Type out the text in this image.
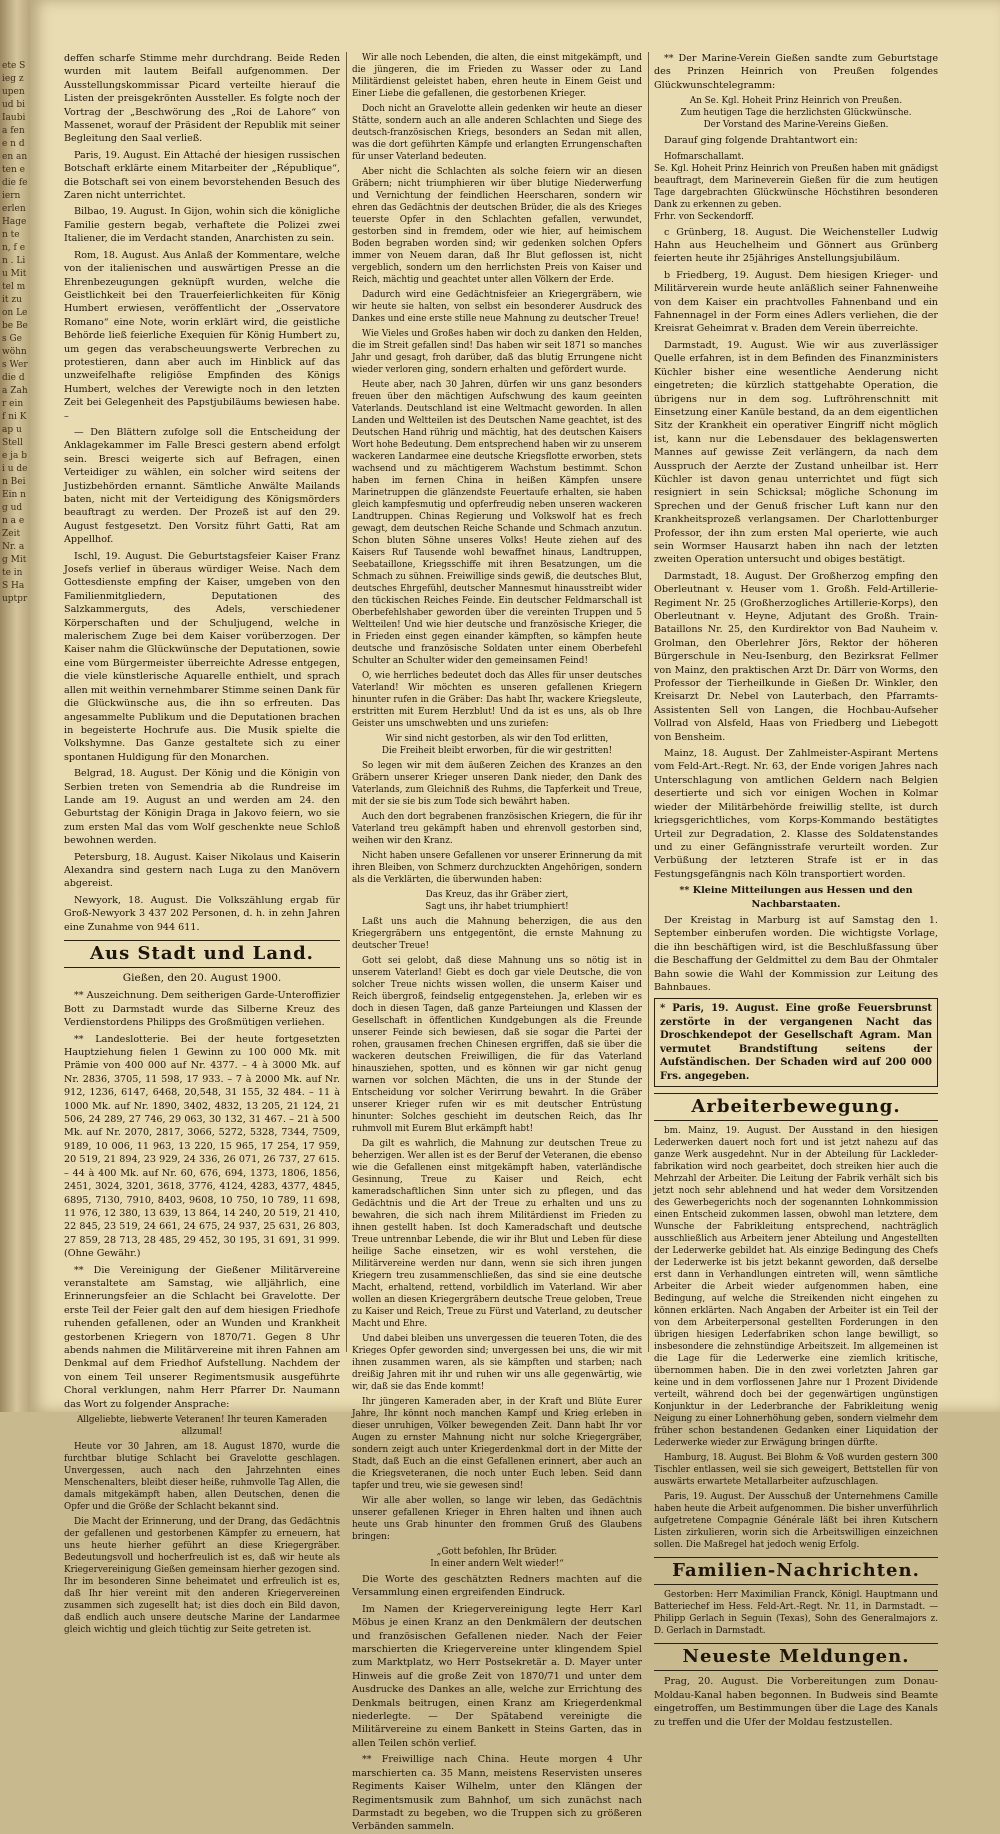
ete Sieg zupen ud bi Iaubia fen e n den an ten e die feiern erlen Hagen ten, f en . Liu Mittel mit zu on Lebe Bes Gewöhns Wer die da Zahr ein f ni Kap u Stelle ja bi u den Bei Ein ng ud n a e Zeit Nr. a g Mitte in S Hauptpr

deffen scharfe Stimme mehr durchdrang. Beide Reden wurden mit lautem Beifall aufgenommen. Der Ausstellungskommissar Picard verteilte hierauf die Listen der preisgekrönten Aussteller. Es folgte noch der Vortrag der „Beschwörung des „Roi de Lahore“ von Massenet, worauf der Präsident der Republik mit seiner Begleitung den Saal verließ.

Paris, 19. August. Ein Attaché der hiesigen russischen Botschaft erklärte einem Mitarbeiter der „République“, die Botschaft sei von einem bevorstehenden Besuch des Zaren nicht unterrichtet.

Bilbao, 19. August. In Gijon, wohin sich die königliche Familie gestern begab, verhaftete die Polizei zwei Italiener, die im Verdacht standen, Anarchisten zu sein.

Rom, 18. August. Aus Anlaß der Kommentare, welche von der italienischen und auswärtigen Presse an die Ehrenbezeugungen geknüpft wurden, welche die Geistlichkeit bei den Trauerfeierlichkeiten für König Humbert erwiesen, veröffentlicht der „Osservatore Romano“ eine Note, worin erklärt wird, die geistliche Behörde ließ feierliche Exequien für König Humbert zu, um gegen das verabscheuungswerte Verbrechen zu protestieren, dann aber auch im Hinblick auf das unzweifelhafte religiöse Empfinden des Königs Humbert, welches der Verewigte noch in den letzten Zeit bei Gelegenheit des Papstjubiläums bewiesen habe. –

— Den Blättern zufolge soll die Entscheidung der Anklagekammer im Falle Bresci gestern abend erfolgt sein. Bresci weigerte sich auf Befragen, einen Verteidiger zu wählen, ein solcher wird seitens der Justizbehörden ernannt. Sämtliche Anwälte Mailands baten, nicht mit der Verteidigung des Königsmörders beauftragt zu werden. Der Prozeß ist auf den 29. August festgesetzt. Den Vorsitz führt Gatti, Rat am Appellhof.

Ischl, 19. August. Die Geburtstagsfeier Kaiser Franz Josefs verlief in überaus würdiger Weise. Nach dem Gottesdienste empfing der Kaiser, umgeben von den Familienmitgliedern, Deputationen des Salzkammerguts, des Adels, verschiedener Körperschaften und der Schuljugend, welche in malerischem Zuge bei dem Kaiser vorüberzogen. Der Kaiser nahm die Glückwünsche der Deputationen, sowie eine vom Bürgermeister überreichte Adresse entgegen, die viele künstlerische Aquarelle enthielt, und sprach allen mit weithin vernehmbarer Stimme seinen Dank für die Glückwünsche aus, die ihn so erfreuten. Das angesammelte Publikum und die Deputationen brachen in begeisterte Hochrufe aus. Die Musik spielte die Volkshymne. Das Ganze gestaltete sich zu einer spontanen Huldigung für den Monarchen.

Belgrad, 18. August. Der König und die Königin von Serbien treten von Semendria ab die Rundreise im Lande am 19. August an und werden am 24. den Geburtstag der Königin Draga in Jakovo feiern, wo sie zum ersten Mal das vom Wolf geschenkte neue Schloß bewohnen werden.

Petersburg, 18. August. Kaiser Nikolaus und Kaiserin Alexandra sind gestern nach Luga zu den Manövern abgereist.

Newyork, 18. August. Die Volkszählung ergab für Groß-Newyork 3 437 202 Personen, d. h. in zehn Jahren eine Zunahme von 944 611.

Aus Stadt und Land.
Gießen, den 20. August 1900.

** Auszeichnung. Dem seitherigen Garde-Unteroffizier Bott zu Darmstadt wurde das Silberne Kreuz des Verdienstordens Philipps des Großmütigen verliehen.

** Landeslotterie. Bei der heute fortgesetzten Hauptziehung fielen 1 Gewinn zu 100 000 Mk. mit Prämie von 400 000 auf Nr. 4377. – 4 à 3000 Mk. auf Nr. 2836, 3705, 11 598, 17 933. – 7 à 2000 Mk. auf Nr. 912, 1236, 6147, 6468, 20,548, 31 155, 32 484. – 11 à 1000 Mk. auf Nr. 1890, 3402, 4832, 13 205, 21 124, 21 506, 24 289, 27 746, 29 063, 30 132, 31 467. – 21 à 500 Mk. auf Nr. 2070, 2817, 3066, 5272, 5328, 7344, 7509, 9189, 10 006, 11 963, 13 220, 15 965, 17 254, 17 959, 20 519, 21 894, 23 929, 24 336, 26 071, 26 737, 27 615. – 44 à 400 Mk. auf Nr. 60, 676, 694, 1373, 1806, 1856, 2451, 3024, 3201, 3618, 3776, 4124, 4283, 4377, 4845, 6895, 7130, 7910, 8403, 9608, 10 750, 10 789, 11 698, 11 976, 12 380, 13 639, 13 864, 14 240, 20 519, 21 410, 22 845, 23 519, 24 661, 24 675, 24 937, 25 631, 26 803, 27 859, 28 713, 28 485, 29 452, 30 195, 31 691, 31 999. (Ohne Gewähr.)

** Die Vereinigung der Gießener Militärvereine veranstaltete am Samstag, wie alljährlich, eine Erinnerungsfeier an die Schlacht bei Gravelotte. Der erste Teil der Feier galt den auf dem hiesigen Friedhofe ruhenden gefallenen, oder an Wunden und Krankheit gestorbenen Kriegern von 1870/71. Gegen 8 Uhr abends nahmen die Militärvereine mit ihren Fahnen am Denkmal auf dem Friedhof Aufstellung. Nachdem der von einem Teil unserer Regimentsmusik ausgeführte Choral verklungen, nahm Herr Pfarrer Dr. Naumann das Wort zu folgender Ansprache:

Allgeliebte, liebwerte Veteranen! Ihr teuren Kameraden allzumal!

Heute vor 30 Jahren, am 18. August 1870, wurde die furchtbar blutige Schlacht bei Gravelotte geschlagen. Unvergessen, auch nach den Jahrzehnten eines Menschenalters, bleibt dieser heiße, ruhmvolle Tag Allen, die damals mitgekämpft haben, allen Deutschen, denen die Opfer und die Größe der Schlacht bekannt sind.

Die Macht der Erinnerung, und der Drang, das Gedächtnis der gefallenen und gestorbenen Kämpfer zu erneuern, hat uns heute hierher geführt an diese Kriegergräber. Bedeutungsvoll und hocherfreulich ist es, daß wir heute als Kriegervereinigung Gießen gemeinsam hierher gezogen sind. Ihr im besonderen Sinne beheimatet und erfreulich ist es, daß Ihr hier vereint mit den anderen Kriegervereinen zusammen sich zugesellt hat; ist dies doch ein Bild davon, daß endlich auch unsere deutsche Marine der Landarmee gleich wichtig und gleich tüchtig zur Seite getreten ist.

Wir alle noch Lebenden, die alten, die einst mitgekämpft, und die jüngeren, die im Frieden zu Wasser oder zu Land Militärdienst geleistet haben, ehren heute in Einem Geist und Einer Liebe die gefallenen, die gestorbenen Krieger.

Doch nicht an Gravelotte allein gedenken wir heute an dieser Stätte, sondern auch an alle anderen Schlachten und Siege des deutsch-französischen Kriegs, besonders an Sedan mit allen, was die dort geführten Kämpfe und erlangten Errungenschaften für unser Vaterland bedeuten.

Aber nicht die Schlachten als solche feiern wir an diesen Gräbern; nicht triumphieren wir über blutige Niederwerfung und Vernichtung der feindlichen Heerscharen, sondern wir ehren das Gedächtnis der deutschen Brüder, die als des Krieges teuerste Opfer in den Schlachten gefallen, verwundet, gestorben sind in fremdem, oder wie hier, auf heimischem Boden begraben worden sind; wir gedenken solchen Opfers immer von Neuem daran, daß Ihr Blut geflossen ist, nicht vergeblich, sondern um den herrlichsten Preis von Kaiser und Reich, mächtig und geachtet unter allen Völkern der Erde.

Dadurch wird eine Gedächtnisfeier an Kriegergräbern, wie wir heute sie halten, von selbst ein besonderer Ausdruck des Dankes und eine erste stille neue Mahnung zu deutscher Treue!

Wie Vieles und Großes haben wir doch zu danken den Helden, die im Streit gefallen sind! Das haben wir seit 1871 so manches Jahr und gesagt, froh darüber, daß das blutig Errungene nicht wieder verloren ging, sondern erhalten und gefördert wurde.

Heute aber, nach 30 Jahren, dürfen wir uns ganz besonders freuen über den mächtigen Aufschwung des kaum geeinten Vaterlands. Deutschland ist eine Weltmacht geworden. In allen Landen und Weltteilen ist des Deutschen Name geachtet, ist des Deutschen Hand rührig und mächtig, hat des deutschen Kaisers Wort hohe Bedeutung. Dem entsprechend haben wir zu unserem wackeren Landarmee eine deutsche Kriegsflotte erworben, stets wachsend und zu mächtigerem Wachstum bestimmt. Schon haben im fernen China in heißen Kämpfen unsere Marinetruppen die glänzendste Feuertaufe erhalten, sie haben gleich kampfesmutig und opferfreudig neben unseren wackeren Landtruppen. Chinas Regierung und Volkswolf hat es frech gewagt, dem deutschen Reiche Schande und Schmach anzutun. Schon bluten Söhne unseres Volks! Heute ziehen auf des Kaisers Ruf Tausende wohl bewaffnet hinaus, Landtruppen, Seebataillone, Kriegsschiffe mit ihren Besatzungen, um die Schmach zu sühnen. Freiwillige sinds gewiß, die deutsches Blut, deutsches Ehrgefühl, deutscher Mannesmut hinausstreibt wider den tückischen Reiches Feinde. Ein deutscher Feldmarschall ist Oberbefehlshaber geworden über die vereinten Truppen und 5 Weltteilen! Und wie hier deutsche und französische Krieger, die in Frieden einst gegen einander kämpften, so kämpfen heute deutsche und französische Soldaten unter einem Oberbefehl Schulter an Schulter wider den gemeinsamen Feind!

O, wie herrliches bedeutet doch das Alles für unser deutsches Vaterland! Wir möchten es unseren gefallenen Kriegern hinunter rufen in die Gräber: Das habt Ihr, wackere Kriegsleute, erstritten mit Eurem Herzblut! Und da ist es uns, als ob Ihre Geister uns umschwebten und uns zuriefen:

Wir sind nicht gestorben, als wir den Tod erlitten,
Die Freiheit bleibt erworben, für die wir gestritten!

So legen wir mit dem äußeren Zeichen des Kranzes an den Gräbern unserer Krieger unseren Dank nieder, den Dank des Vaterlands, zum Gleichniß des Ruhms, die Tapferkeit und Treue, mit der sie sie bis zum Tode sich bewährt haben.

Auch den dort begrabenen französischen Kriegern, die für ihr Vaterland treu gekämpft haben und ehrenvoll gestorben sind, weihen wir den Kranz.

Nicht haben unsere Gefallenen vor unserer Erinnerung da mit ihren Bleiben, von Schmerz durchzuckten Angehörigen, sondern als die Verklärten, die überwunden haben:

Das Kreuz, das ihr Gräber ziert,
Sagt uns, ihr habet triumphiert!

Laßt uns auch die Mahnung beherzigen, die aus den Kriegergräbern uns entgegentönt, die ernste Mahnung zu deutscher Treue!

Gott sei gelobt, daß diese Mahnung uns so nötig ist in unserem Vaterland! Giebt es doch gar viele Deutsche, die von solcher Treue nichts wissen wollen, die unserm Kaiser und Reich übergroß, feindselig entgegenstehen. Ja, erleben wir es doch in diesen Tagen, daß ganze Parteiungen und Klassen der Gesellschaft in öffentlichen Kundgebungen als die Freunde unserer Feinde sich bewiesen, daß sie sogar die Partei der rohen, grausamen frechen Chinesen ergriffen, daß sie über die wackeren deutschen Freiwilligen, die für das Vaterland hinausziehen, spotten, und es können wir gar nicht genug warnen vor solchen Mächten, die uns in der Stunde der Entscheidung vor solcher Verirrung bewahrt. In die Gräber unserer Krieger rufen wir es mit deutscher Entrüstung hinunter: Solches geschieht im deutschen Reich, das Ihr ruhmvoll mit Eurem Blut erkämpft habt!

Da gilt es wahrlich, die Mahnung zur deutschen Treue zu beherzigen. Wer allen ist es der Beruf der Veteranen, die ebenso wie die Gefallenen einst mitgekämpft haben, vaterländische Gesinnung, Treue zu Kaiser und Reich, echt kameradschaftlichen Sinn unter sich zu pflegen, und das Gedächtnis und die Art der Treue zu erhalten und uns zu bewahren, die sich nach ihrem Militärdienst im Frieden zu ihnen gestellt haben. Ist doch Kameradschaft und deutsche Treue untrennbar Lebende, die wir ihr Blut und Leben für diese heilige Sache einsetzen, wir es wohl verstehen, die Militärvereine werden nur dann, wenn sie sich ihren jungen Kriegern treu zusammenschließen, das sind sie eine deutsche Macht, erhaltend, rettend, vorbildlich im Vaterland. Wir aber wollen an diesen Kriegergräbern deutsche Treue geloben, Treue zu Kaiser und Reich, Treue zu Fürst und Vaterland, zu deutscher Macht und Ehre.

Und dabei bleiben uns unvergessen die teueren Toten, die des Krieges Opfer geworden sind; unvergessen bei uns, die wir mit ihnen zusammen waren, als sie kämpften und starben; nach dreißig Jahren mit ihr und ruhen wir uns alle gegenwärtig, wie wir, daß sie das Ende kommt!

Ihr jüngeren Kameraden aber, in der Kraft und Blüte Eurer Jahre, Ihr könnt noch manchen Kampf und Krieg erleben in dieser unruhigen, Völker bewegenden Zeit. Dann habt Ihr vor Augen zu ernster Mahnung nicht nur solche Kriegergräber, sondern zeigt auch unter Kriegerdenkmal dort in der Mitte der Stadt, daß Euch an die einst Gefallenen erinnert, aber auch an die Kriegsveteranen, die noch unter Euch leben. Seid dann tapfer und treu, wie sie gewesen sind!

Wir alle aber wollen, so lange wir leben, das Gedächtnis unserer gefallenen Krieger in Ehren halten und ihnen auch heute uns Grab hinunter den frommen Gruß des Glaubens bringen:

„Gott befohlen, Ihr Brüder.
In einer andern Welt wieder!“

Die Worte des geschätzten Redners machten auf die Versammlung einen ergreifenden Eindruck.

Im Namen der Kriegervereinigung legte Herr Karl Möbus je einen Kranz an den Denkmälern der deutschen und französischen Gefallenen nieder. Nach der Feier marschierten die Kriegervereine unter klingendem Spiel zum Marktplatz, wo Herr Postsekretär a. D. Mayer unter Hinweis auf die große Zeit von 1870/71 und unter dem Ausdrucke des Dankes an alle, welche zur Errichtung des Denkmals beitrugen, einen Kranz am Kriegerdenkmal niederlegte. — Der Spätabend vereinigte die Militärvereine zu einem Bankett in Steins Garten, das in allen Teilen schön verlief.

** Freiwillige nach China. Heute morgen 4 Uhr marschierten ca. 35 Mann, meistens Reservisten unseres Regiments Kaiser Wilhelm, unter den Klängen der Regimentsmusik zum Bahnhof, um sich zunächst nach Darmstadt zu begeben, wo die Truppen sich zu größeren Verbänden sammeln.

** Der Marine-Verein Gießen sandte zum Geburtstage des Prinzen Heinrich von Preußen folgendes Glückwunschtelegramm:

An Se. Kgl. Hoheit Prinz Heinrich von Preußen.
Zum heutigen Tage die herzlichsten Glückwünsche.
Der Vorstand des Marine-Vereins Gießen.

Darauf ging folgende Drahtantwort ein:

Hofmarschallamt.
Se. Kgl. Hoheit Prinz Heinrich von Preußen haben mit gnädigst beauftragt, dem Marineverein Gießen für die zum heutigen Tage dargebrachten Glückwünsche Höchstihren besonderen Dank zu erkennen zu geben.
Frhr. von Seckendorff.

c Grünberg, 18. August. Die Weichensteller Ludwig Hahn aus Heuchelheim und Gönnert aus Grünberg feierten heute ihr 25jähriges Anstellungsjubiläum.

b Friedberg, 19. August. Dem hiesigen Krieger- und Militärverein wurde heute anläßlich seiner Fahnenweihe von dem Kaiser ein prachtvolles Fahnenband und ein Fahnennagel in der Form eines Adlers verliehen, die der Kreisrat Geheimrat v. Braden dem Verein überreichte.

Darmstadt, 19. August. Wie wir aus zuverlässiger Quelle erfahren, ist in dem Befinden des Finanzministers Küchler bisher eine wesentliche Aenderung nicht eingetreten; die kürzlich stattgehabte Operation, die übrigens nur in dem sog. Luftröhrenschnitt mit Einsetzung einer Kanüle bestand, da an dem eigentlichen Sitz der Krankheit ein operativer Eingriff nicht möglich ist, kann nur die Lebensdauer des beklagenswerten Mannes auf gewisse Zeit verlängern, da nach dem Ausspruch der Aerzte der Zustand unheilbar ist. Herr Küchler ist davon genau unterrichtet und fügt sich resigniert in sein Schicksal; mögliche Schonung im Sprechen und der Genuß frischer Luft kann nur den Krankheitsprozeß verlangsamen. Der Charlottenburger Professor, der ihn zum ersten Mal operierte, wie auch sein Wormser Hausarzt haben ihn nach der letzten zweiten Operation untersucht und obiges bestätigt.

Darmstadt, 18. August. Der Großherzog empfing den Oberleutnant v. Heuser vom 1. Großh. Feld-Artillerie-Regiment Nr. 25 (Großherzogliches Artillerie-Korps), den Oberleutnant v. Heyne, Adjutant des Großh. Train-Bataillons Nr. 25, den Kurdirektor von Bad Nauheim v. Grolman, den Oberlehrer Jörs, Rektor der höheren Bürgerschule in Neu-Isenburg, den Bezirksrat Fellmer von Mainz, den praktischen Arzt Dr. Därr von Worms, den Professor der Tierheilkunde in Gießen Dr. Winkler, den Kreisarzt Dr. Nebel von Lauterbach, den Pfarramts-Assistenten Sell von Langen, die Hochbau-Aufseher Vollrad von Alsfeld, Haas von Friedberg und Liebegott von Bensheim.

Mainz, 18. August. Der Zahlmeister-Aspirant Mertens vom Feld-Art.-Regt. Nr. 63, der Ende vorigen Jahres nach Unterschlagung von amtlichen Geldern nach Belgien desertierte und sich vor einigen Wochen in Kolmar wieder der Militärbehörde freiwillig stellte, ist durch kriegsgerichtliches, vom Korps-Kommando bestätigtes Urteil zur Degradation, 2. Klasse des Soldatenstandes und zu einer Gefängnisstrafe verurteilt worden. Zur Verbüßung der letzteren Strafe ist er in das Festungsgefängnis nach Köln transportiert worden.

** Kleine Mitteilungen aus Hessen und den Nachbarstaaten.

Der Kreistag in Marburg ist auf Samstag den 1. September einberufen worden. Die wichtigste Vorlage, die ihn beschäftigen wird, ist die Beschlußfassung über die Beschaffung der Geldmittel zu dem Bau der Ohmtaler Bahn sowie die Wahl der Kommission zur Leitung des Bahnbaues.

* Paris, 19. August. Eine große Feuersbrunst zerstörte in der vergangenen Nacht das Droschkendepot der Gesellschaft Agram. Man vermutet Brandstiftung seitens der Aufständischen. Der Schaden wird auf 200 000 Frs. angegeben.
Arbeiterbewegung.

bm. Mainz, 19. August. Der Ausstand in den hiesigen Lederwerken dauert noch fort und ist jetzt nahezu auf das ganze Werk ausgedehnt. Nur in der Abteilung für Lackleder-fabrikation wird noch gearbeitet, doch streiken hier auch die Mehrzahl der Arbeiter. Die Leitung der Fabrik verhält sich bis jetzt noch sehr ablehnend und hat weder dem Vorsitzenden des Gewerbegerichts noch der sogenannten Lohnkommission einen Entscheid zukommen lassen, obwohl man letztere, dem Wunsche der Fabrikleitung entsprechend, nachträglich ausschließlich aus Arbeitern jener Abteilung und Angestellten der Lederwerke gebildet hat. Als einzige Bedingung des Chefs der Lederwerke ist bis jetzt bekannt geworden, daß derselbe erst dann in Verhandlungen eintreten will, wenn sämtliche Arbeiter die Arbeit wieder aufgenommen haben, eine Bedingung, auf welche die Streikenden nicht eingehen zu können erklärten. Nach Angaben der Arbeiter ist ein Teil der von dem Arbeiterpersonal gestellten Forderungen in den übrigen hiesigen Lederfabriken schon lange bewilligt, so insbesondere die zehnstündige Arbeitszeit. Im allgemeinen ist die Lage für die Lederwerke eine ziemlich kritische, übernommen haben. Die in den zwei vorletzten Jahren gar keine und in dem vorflossenen Jahre nur 1 Prozent Dividende verteilt, während doch bei der gegenwärtigen ungünstigen Konjunktur in der Lederbranche der Fabrikleitung wenig Neigung zu einer Lohnerhöhung geben, sondern vielmehr dem früher schon bestandenen Gedanken einer Liquidation der Lederwerke wieder zur Erwägung bringen dürfte.

Hamburg, 18. August. Bei Blohm & Voß wurden gestern 300 Tischler entlassen, weil sie sich geweigert, Bettstellen für von auswärts erwartete Metallarbeiter aufzuschlagen.

Paris, 19. August. Der Ausschuß der Unternehmens Camille haben heute die Arbeit aufgenommen. Die bisher unverführlich aufgetretene Compagnie Générale läßt bei ihren Kutschern Listen zirkulieren, worin sich die Arbeitswilligen einzeichnen sollen. Die Maßregel hat jedoch wenig Erfolg.

Familien-Nachrichten.

Gestorben: Herr Maximilian Franck, Königl. Hauptmann und Batteriechef im Hess. Feld-Art.-Regt. Nr. 11, in Darmstadt. — Philipp Gerlach in Seguin (Texas), Sohn des Generalmajors z. D. Gerlach in Darmstadt.

Neueste Meldungen.

Prag, 20. August. Die Vorbereitungen zum Donau-Moldau-Kanal haben begonnen. In Budweis sind Beamte eingetroffen, um Bestimmungen über die Lage des Kanals zu treffen und die Ufer der Moldau festzustellen.
